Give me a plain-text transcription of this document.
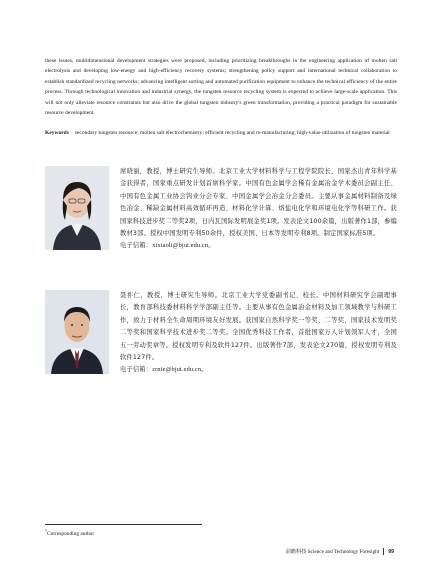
these issues, multidimensional development strategies were proposed, including prioritizing breakthroughs in the engineering application of molten salt electrolysis and developing low-energy and high-efficiency recovery systems; strengthening policy support and international technical collaboration to establish standardized recycling networks; advancing intelligent sorting and automated purification equipment to enhance the technical efficiency of the entire process. Through technological innovation and industrial synergy, the tungsten resource recycling system is expected to achieve large-scale application. This will not only alleviate resource constraints but also drive the global tungsten industry's green transformation, providing a practical paradigm for sustainable resource development.

Keywords secondary tungsten resource; molten salt electrochemistry; efficient recycling and re-manufacturing; high-value utilization of tungsten material

席晓丽，教授，博士研究生导师。北京工业大学材料科学与工程学院院长，国家杰出青年科学基金获得者，国家重点研发计划首席科学家。中国有色金属学会稀有金属冶金学术委员会副主任、中国有色金属工业协会钨业分会专家、中国金属学会冶金分会委员。主要从事金属材料制备及绿色冶金、稀缺金属材料高效循环再造、材料化学计算、熔盐电化学和环境电化学等科研工作。获国家科技进步奖二等奖2项，日内瓦国际发明展金奖1项。发表论文100余篇，出版著作1部，参编教材3部。授权中国发明专利50余件，授权美国、日本等发明专利8项。制定国家标准5项。
电子信箱：xixiaoli@bjut.edu.cn。

聂祚仁，教授，博士研究生导师。北京工业大学党委副书记、校长。中国材料研究学会副理事长，教育部科技委材料科学学部副主任等。主要从事有色金属冶金材料及加工领域教学与科研工作，致力于材料全生命周期环境友好发展。获国家自然科学奖一等奖、二等奖，国家技术发明奖二等奖和国家科学技术进步奖二等奖。全国优秀科技工作者，首批国家万人计划领军人才，全国五一劳动奖章等。授权发明专利及软件127件。出版著作7部，发表论文270篇，授权发明专利及软件127件。
电子信箱：zrnie@bjut.edu.cn。

†Corresponding author

前瞻科技 Science and Technology Foresight 99
